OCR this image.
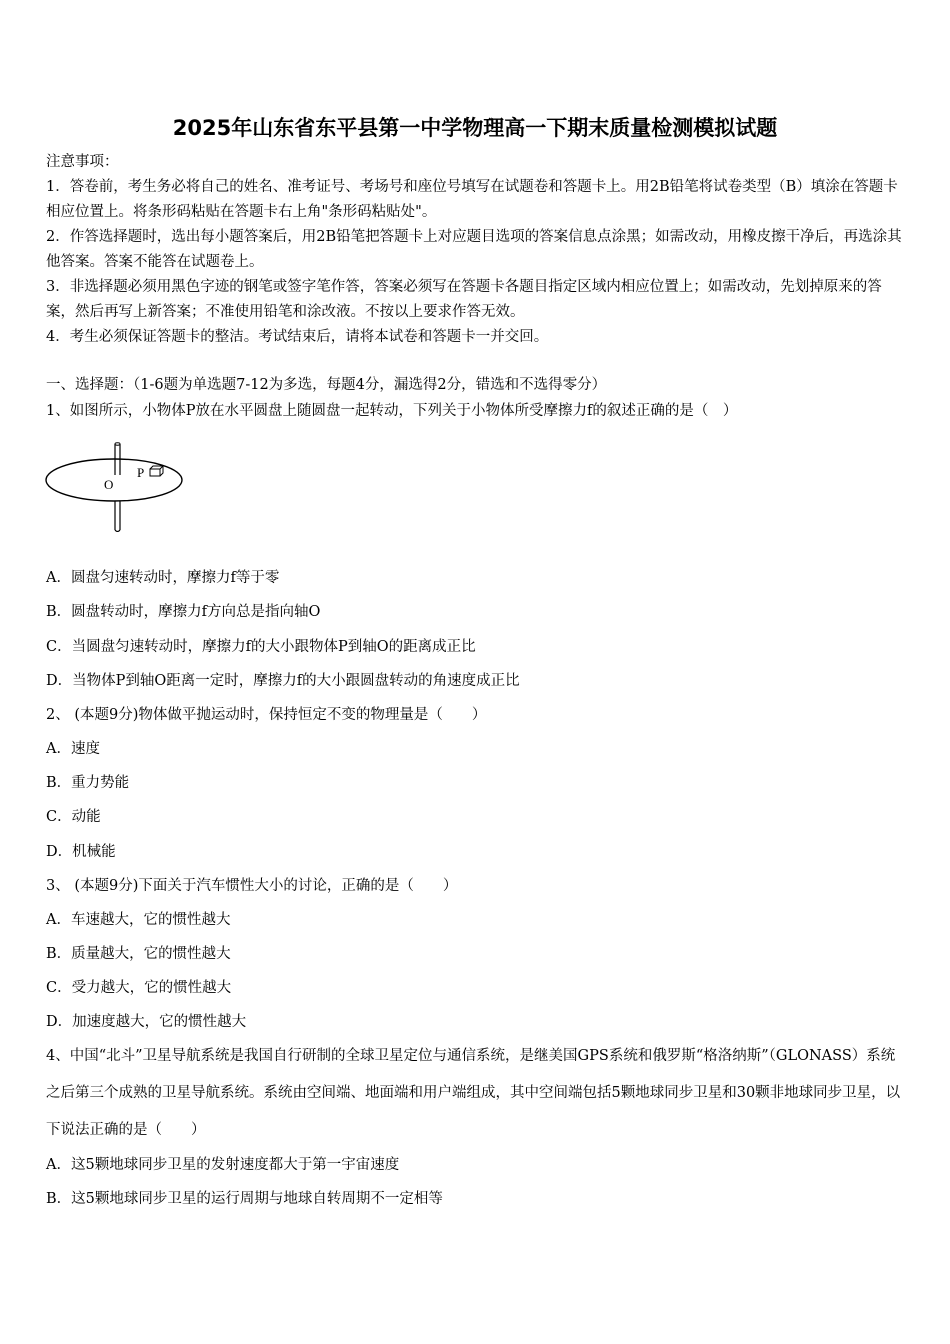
2025年山东省东平县第一中学物理高一下期末质量检测模拟试题

注意事项：

1．答卷前，考生务必将自己的姓名、准考证号、考场号和座位号填写在试题卷和答题卡上。用2B铅笔将试卷类型（B）填涂在答题卡相应位置上。将条形码粘贴在答题卡右上角"条形码粘贴处"。

2．作答选择题时，选出每小题答案后，用2B铅笔把答题卡上对应题目选项的答案信息点涂黑；如需改动，用橡皮擦干净后，再选涂其他答案。答案不能答在试题卷上。

3．非选择题必须用黑色字迹的钢笔或签字笔作答，答案必须写在答题卡各题目指定区域内相应位置上；如需改动，先划掉原来的答案，然后再写上新答案；不准使用铅笔和涂改液。不按以上要求作答无效。

4．考生必须保证答题卡的整洁。考试结束后，请将本试卷和答题卡一并交回。

一、选择题：（1-6题为单选题7-12为多选，每题4分，漏选得2分，错选和不选得零分）
1、如图所示，小物体P放在水平圆盘上随圆盘一起转动，下列关于小物体所受摩擦力f的叙述正确的是（　）
P
O
A．圆盘匀速转动时，摩擦力f等于零
B．圆盘转动时，摩擦力f方向总是指向轴O
C．当圆盘匀速转动时，摩擦力f的大小跟物体P到轴O的距离成正比
D．当物体P到轴O距离一定时，摩擦力f的大小跟圆盘转动的角速度成正比
2、 (本题9分)物体做平抛运动时，保持恒定不变的物理量是（　　）
A．速度
B．重力势能
C．动能
D．机械能
3、 (本题9分)下面关于汽车惯性大小的讨论，正确的是（　　）
A．车速越大，它的惯性越大
B．质量越大，它的惯性越大
C．受力越大，它的惯性越大
D．加速度越大，它的惯性越大

4、中国“北斗”卫星导航系统是我国自行研制的全球卫星定位与通信系统，是继美国GPS系统和俄罗斯“格洛纳斯”（GLONASS）系统之后第三个成熟的卫星导航系统。系统由空间端、地面端和用户端组成，其中空间端包括5颗地球同步卫星和30颗非地球同步卫星，以下说法正确的是（　　）

A．这5颗地球同步卫星的发射速度都大于第一宇宙速度
B．这5颗地球同步卫星的运行周期与地球自转周期不一定相等
